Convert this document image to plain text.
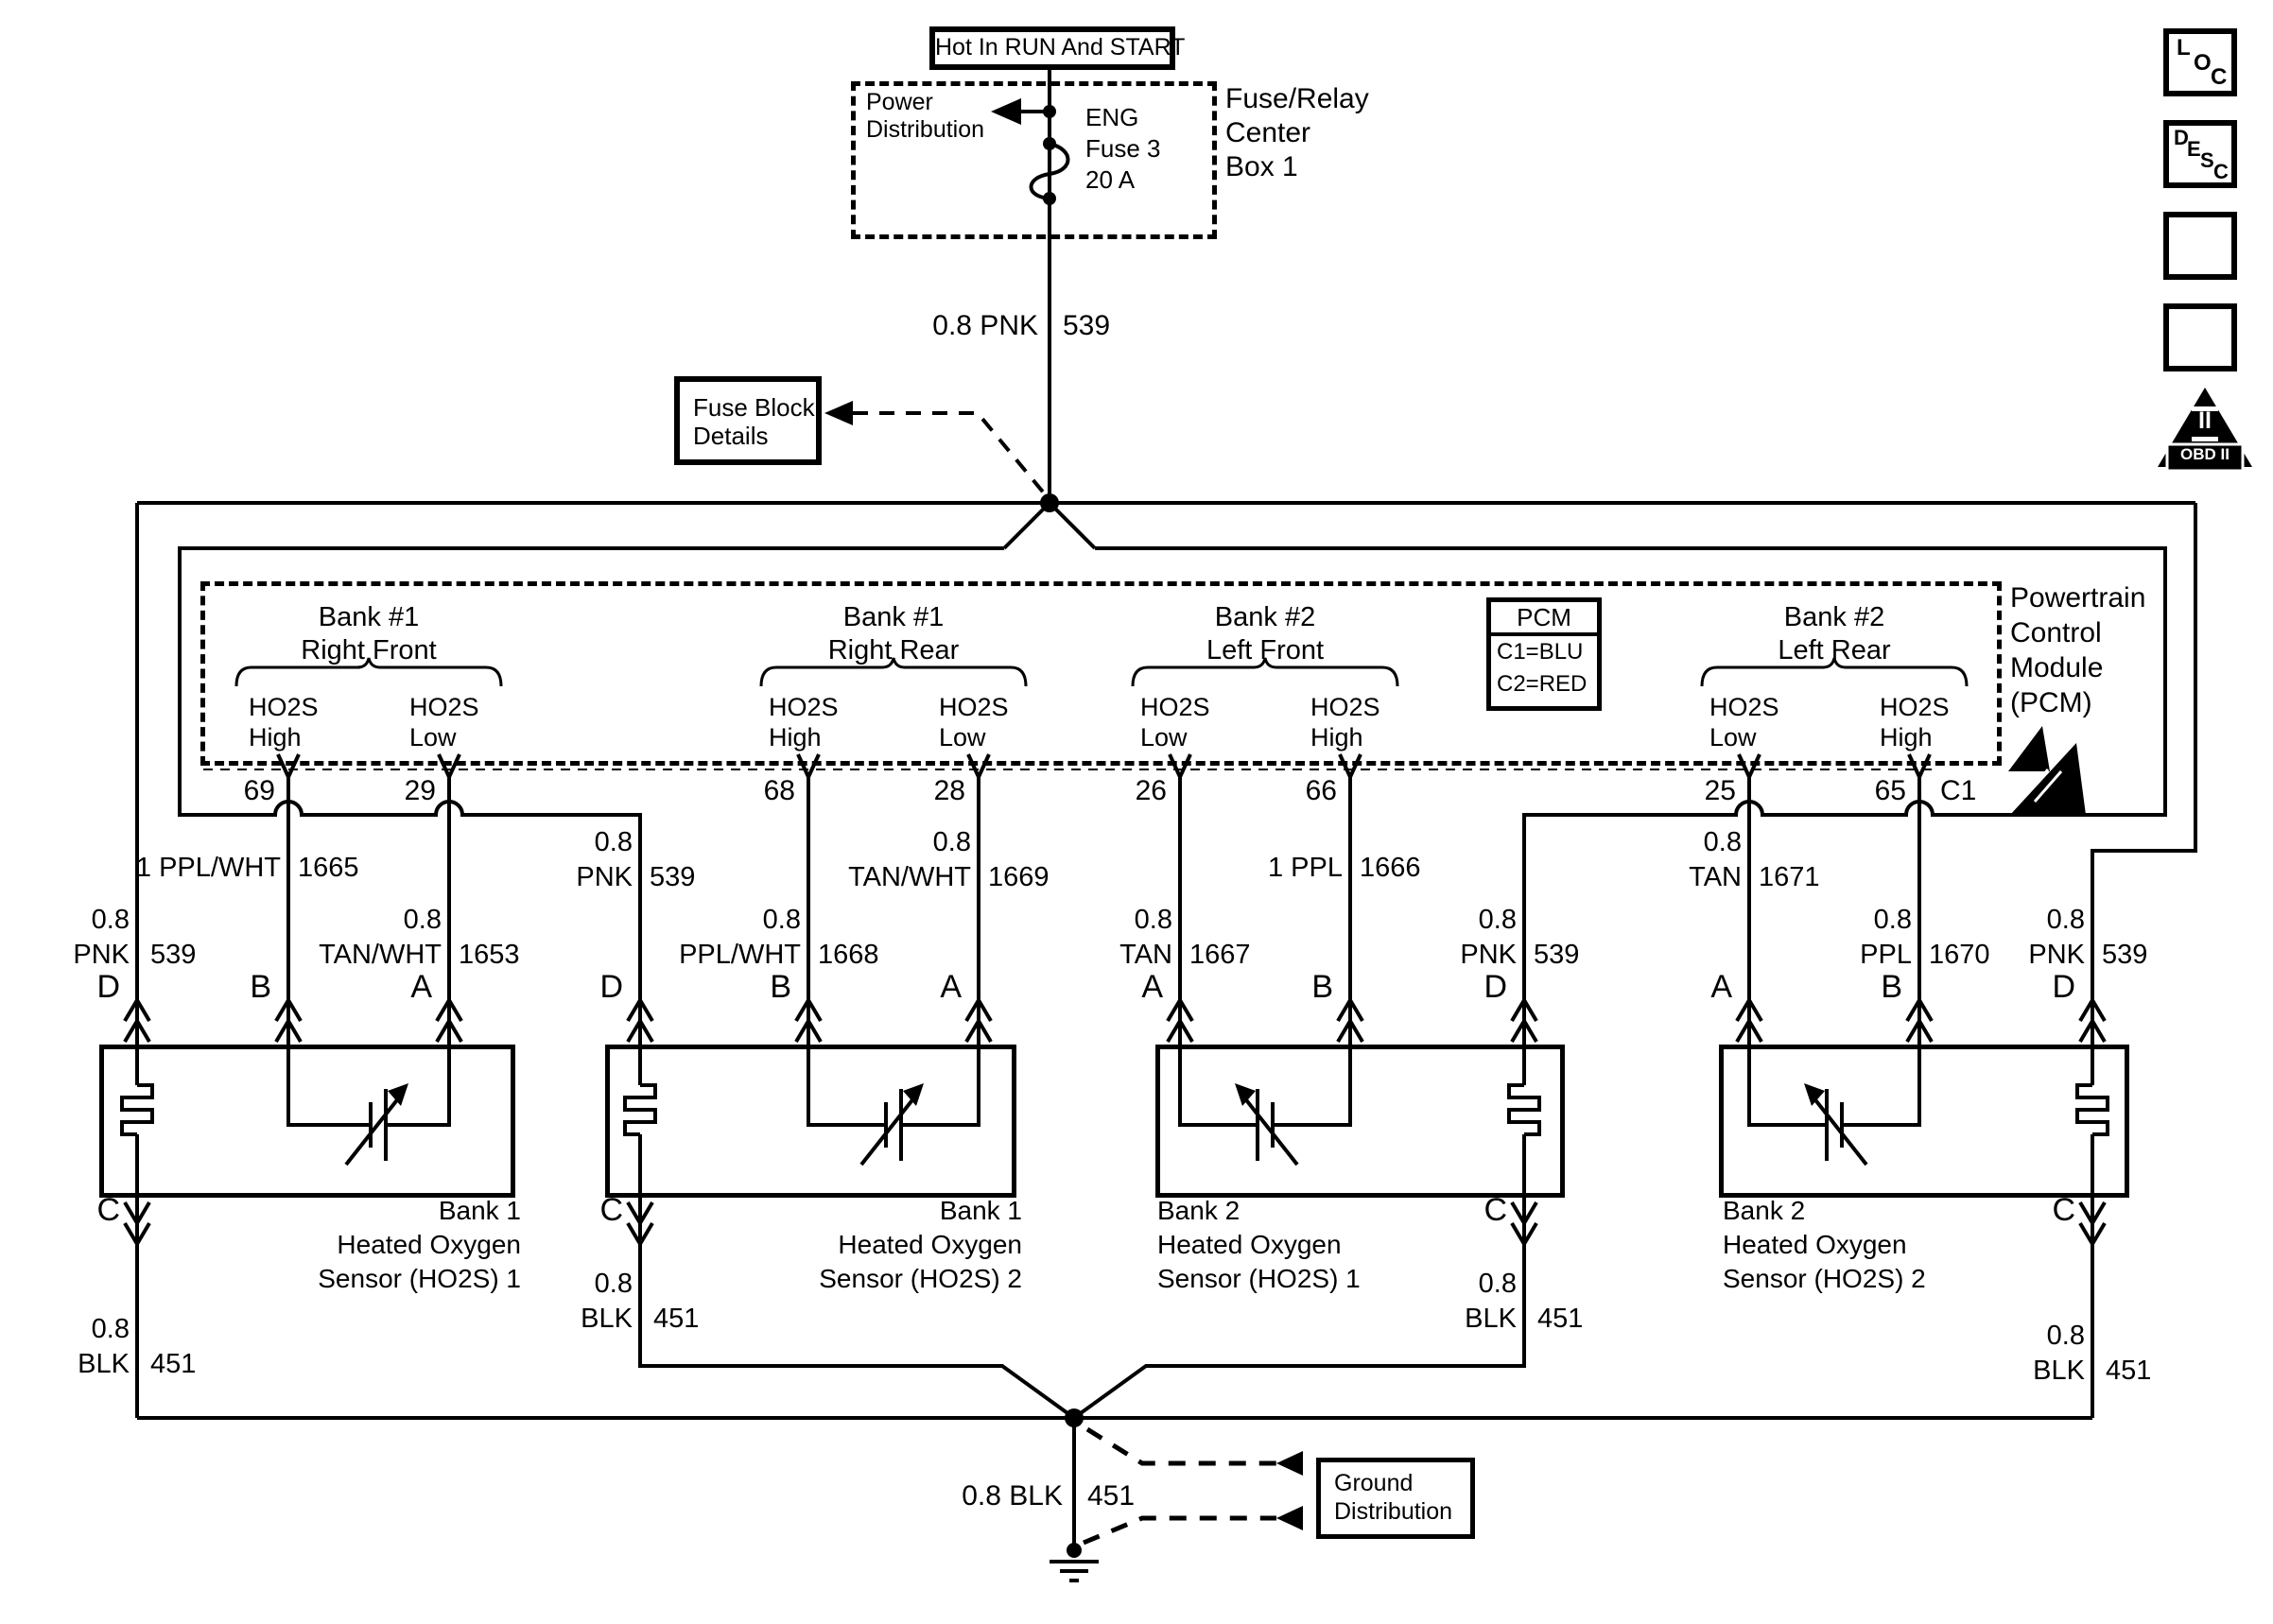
Hot In RUN And START
Power
Distribution	ENG
Fuse 3
20 A
Fuse/Relay
Center
Box 1
0.8 PNK 539
Fuse Block
Details
Bank #1
Right Front
Bank #1
Right Rear
Bank #2
Left Front
Bank #2
Left Rear
HO2S
High
HO2S
Low
HO2S
High
HO2S
Low
HO2S
Low
HO2S
High
HO2S
Low
HO2S
High
69	29	68	28	26	66	25	65 C1
PCM
C1=BLU
C2=RED
Powertrain
Control
Module
(PCM)
0.8
PNK 539
1 PPL/WHT 1665
0.8
TAN/WHT 1653
0.8
PNK 539
0.8
PPL/WHT 1668
0.8
TAN/WHT 1669
0.8
TAN 1667
1 PPL 1666
0.8
PNK 539
0.8
TAN 1671
0.8
PPL 1670
0.8
PNK 539
D	B	A	D	B	A	A	B	D	A	B	D
C	C	C	C
Bank 1
Heated Oxygen
Sensor (HO2S) 1
Bank 1
Heated Oxygen
Sensor (HO2S) 2
Bank 2
Heated Oxygen
Sensor (HO2S) 1
Bank 2
Heated Oxygen
Sensor (HO2S) 2
0.8
BLK 451
0.8
BLK 451
0.8
BLK 451
0.8
BLK 451
0.8 BLK 451	Ground
Distribution
L
O
C
D
E S C
II
OBD II
